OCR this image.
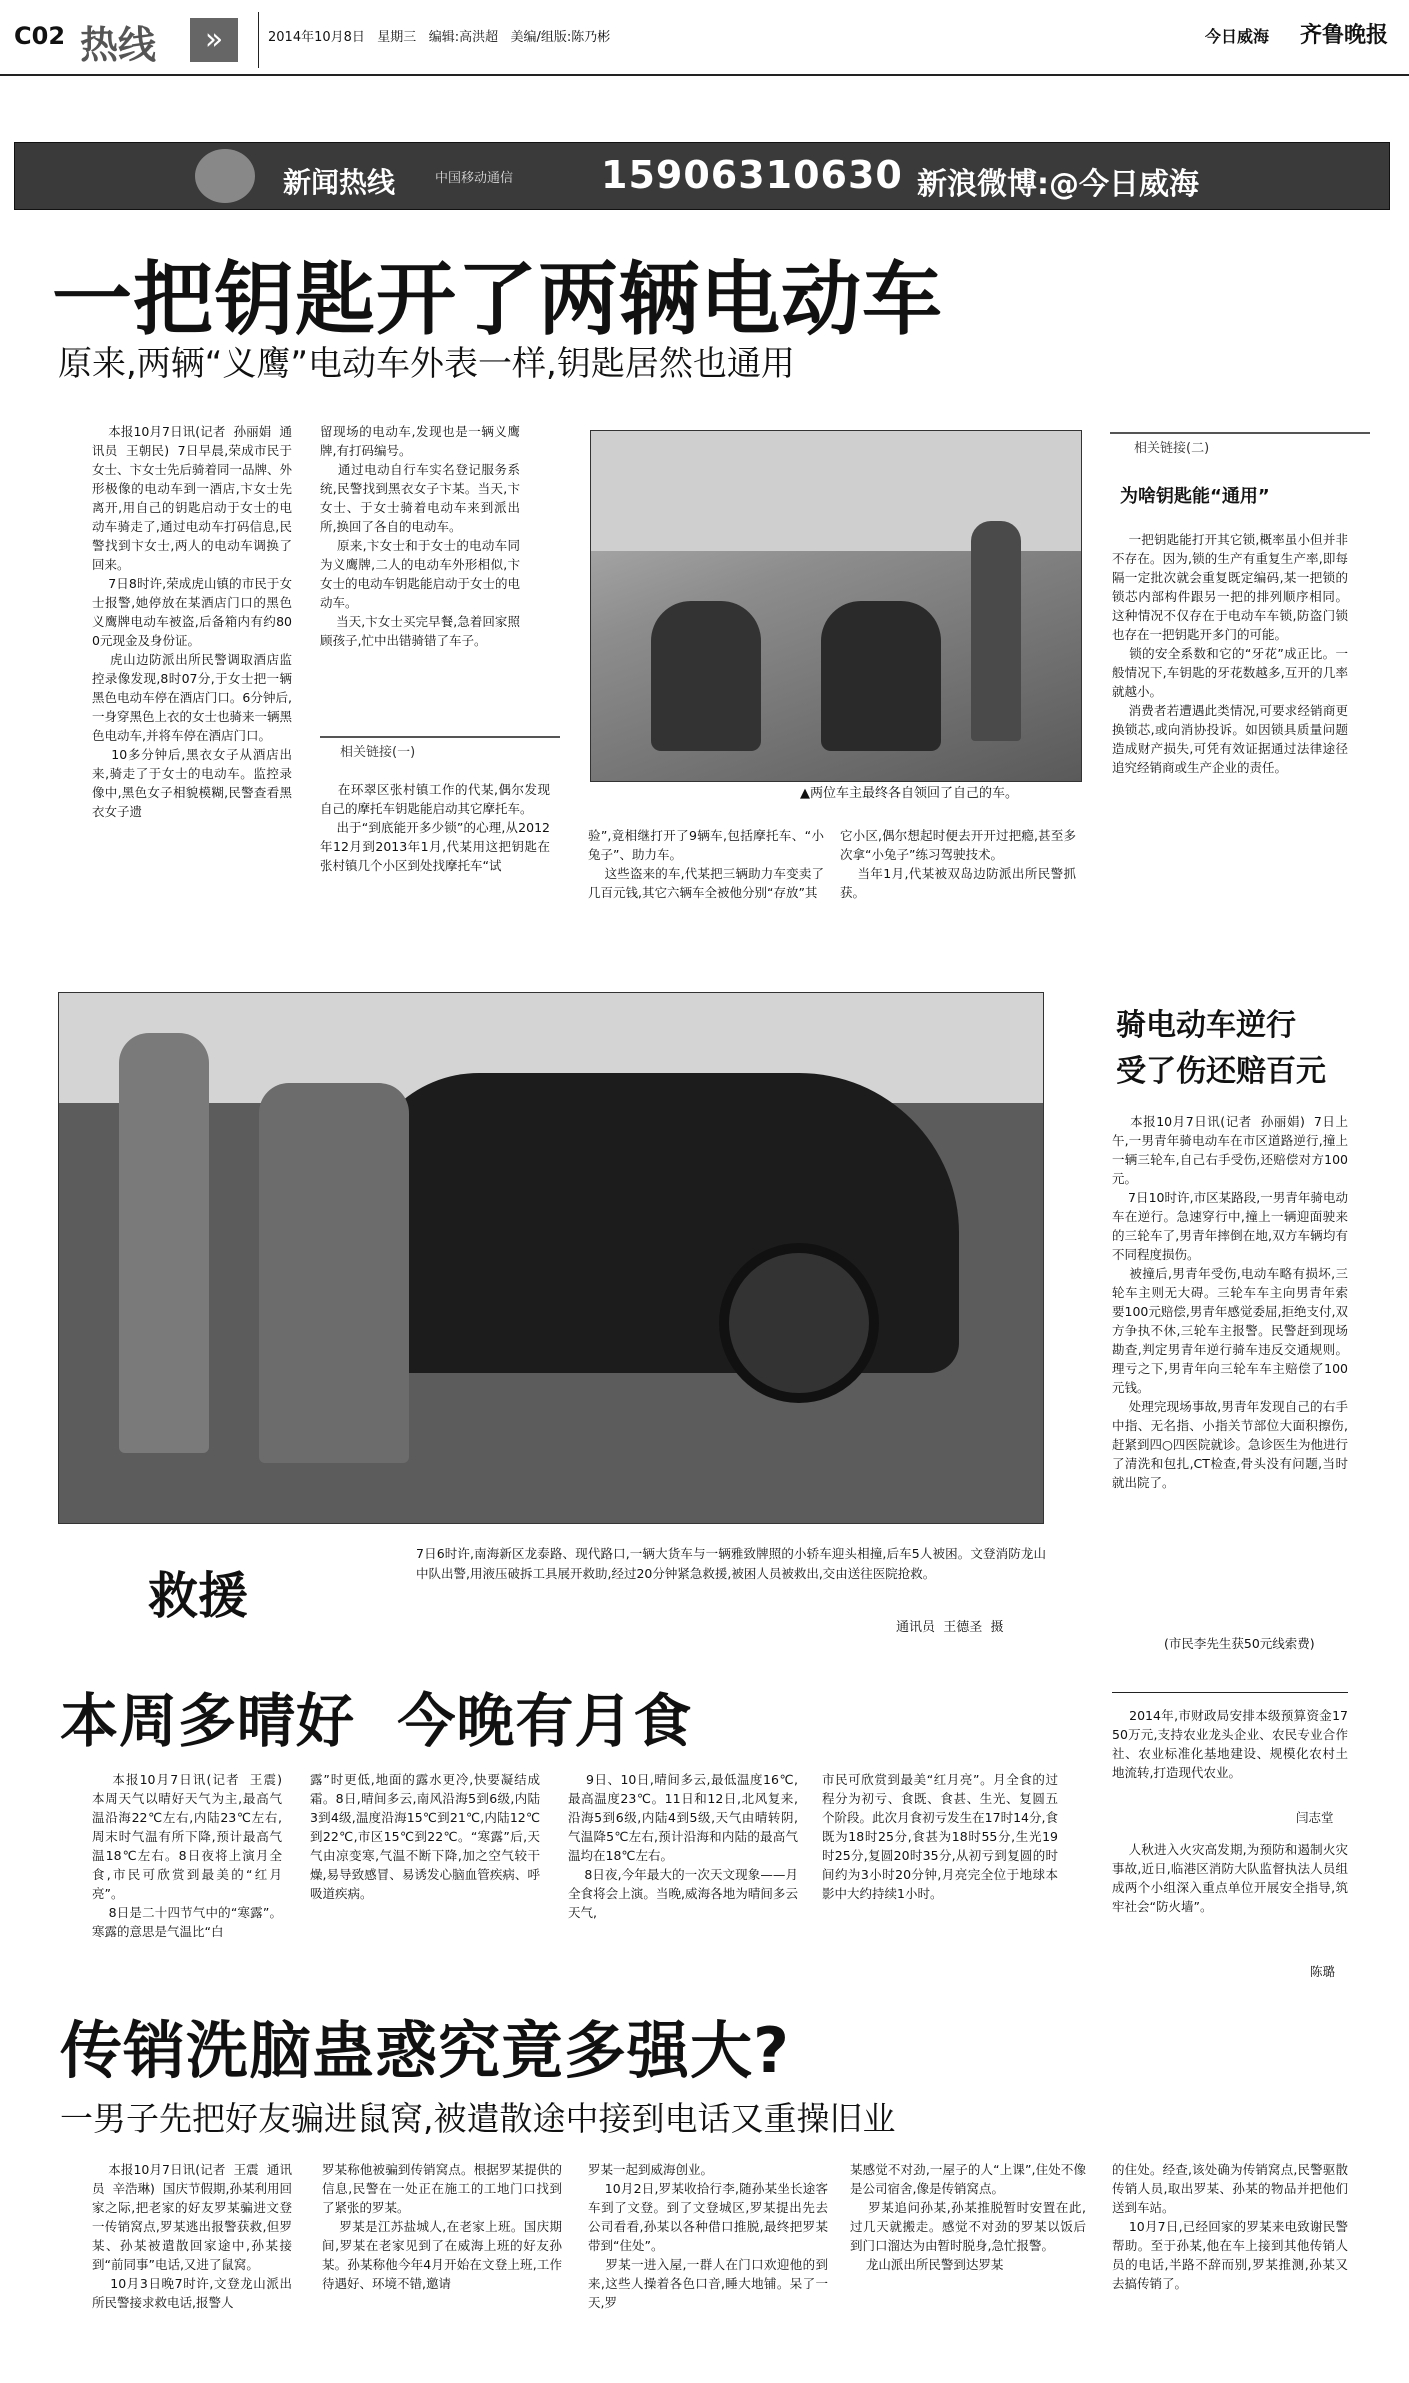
C02 热线	»	2014年10月8日   星期三   编辑:高洪超   美编/组版:陈乃彬	今日威海 齐鲁晚报
新闻热线	中国移动通信 15906310630 新浪微博:@今日威海
一把钥匙开了两辆电动车
原来,两辆“义鹰”电动车外表一样,钥匙居然也通用
本报10月7日讯(记者  孙丽娟  通讯员  王朝民)  7日早晨,荣成市民于女士、卞女士先后骑着同一品牌、外形极像的电动车到一酒店,卞女士先离开,用自己的钥匙启动于女士的电动车骑走了,通过电动车打码信息,民警找到卞女士,两人的电动车调换了回来。
7日8时许,荣成虎山镇的市民于女士报警,她停放在某酒店门口的黑色义鹰牌电动车被盗,后备箱内有约800元现金及身份证。
虎山边防派出所民警调取酒店监控录像发现,8时07分,于女士把一辆黑色电动车停在酒店门口。6分钟后,一身穿黑色上衣的女士也骑来一辆黑色电动车,并将车停在酒店门口。
10多分钟后,黑衣女子从酒店出来,骑走了于女士的电动车。监控录像中,黑色女子相貌模糊,民警查看黑衣女子遗
留现场的电动车,发现也是一辆义鹰牌,有打码编号。
通过电动自行车实名登记服务系统,民警找到黑衣女子卞某。当天,卞女士、于女士骑着电动车来到派出所,换回了各自的电动车。
原来,卞女士和于女士的电动车同为义鹰牌,二人的电动车外形相似,卞女士的电动车钥匙能启动于女士的电动车。
当天,卞女士买完早餐,急着回家照顾孩子,忙中出错骑错了车子。
相关链接(一)
在环翠区张村镇工作的代某,偶尔发现自己的摩托车钥匙能启动其它摩托车。
出于“到底能开多少锁”的心理,从2012年12月到2013年1月,代某用这把钥匙在张村镇几个小区到处找摩托车“试
▲两位车主最终各自领回了自己的车。
验”,竟相继打开了9辆车,包括摩托车、“小兔子”、助力车。
这些盗来的车,代某把三辆助力车变卖了几百元钱,其它六辆车全被他分别“存放”其
它小区,偶尔想起时便去开开过把瘾,甚至多次拿“小兔子”练习驾驶技术。
当年1月,代某被双岛边防派出所民警抓获。
相关链接(二)
为啥钥匙能“通用”
一把钥匙能打开其它锁,概率虽小但并非不存在。因为,锁的生产有重复生产率,即每隔一定批次就会重复既定编码,某一把锁的锁芯内部构件跟另一把的排列顺序相同。这种情况不仅存在于电动车车锁,防盗门锁也存在一把钥匙开多门的可能。
锁的安全系数和它的“牙花”成正比。一般情况下,车钥匙的牙花数越多,互开的几率就越小。
消费者若遭遇此类情况,可要求经销商更换锁芯,或向消协投诉。如因锁具质量问题造成财产损失,可凭有效证据通过法律途径追究经销商或生产企业的责任。
救援
7日6时许,南海新区龙泰路、现代路口,一辆大货车与一辆雅致牌照的小轿车迎头相撞,后车5人被困。文登消防龙山中队出警,用液压破拆工具展开救助,经过20分钟紧急救援,被困人员被救出,交由送往医院抢救。
通讯员  王德圣  摄
骑电动车逆行
受了伤还赔百元
本报10月7日讯(记者  孙丽娟)  7日上午,一男青年骑电动车在市区道路逆行,撞上一辆三轮车,自己右手受伤,还赔偿对方100元。
7日10时许,市区某路段,一男青年骑电动车在逆行。急速穿行中,撞上一辆迎面驶来的三轮车了,男青年摔倒在地,双方车辆均有不同程度损伤。
被撞后,男青年受伤,电动车略有损坏,三轮车主则无大碍。三轮车车主向男青年索要100元赔偿,男青年感觉委屈,拒绝支付,双方争执不休,三轮车主报警。民警赶到现场勘查,判定男青年逆行骑车违反交通规则。理亏之下,男青年向三轮车车主赔偿了100元钱。
处理完现场事故,男青年发现自己的右手中指、无名指、小指关节部位大面积擦伤,赶紧到四○四医院就诊。急诊医生为他进行了清洗和包扎,CT检查,骨头没有问题,当时就出院了。
(市民李先生获50元线索费)
本周多晴好  今晚有月食
本报10月7日讯(记者  王震)  本周天气以晴好天气为主,最高气温沿海22℃左右,内陆23℃左右,周末时气温有所下降,预计最高气温18℃左右。8日夜将上演月全食,市民可欣赏到最美的“红月亮”。
8日是二十四节气中的“寒露”。寒露的意思是气温比“白
露”时更低,地面的露水更冷,快要凝结成霜。8日,晴间多云,南风沿海5到6级,内陆3到4级,温度沿海15℃到21℃,内陆12℃到22℃,市区15℃到22℃。“寒露”后,天气由凉变寒,气温不断下降,加之空气较干燥,易导致感冒、易诱发心脑血管疾病、呼吸道疾病。
9日、10日,晴间多云,最低温度16℃,最高温度23℃。11日和12日,北风复来,沿海5到6级,内陆4到5级,天气由晴转阴,气温降5℃左右,预计沿海和内陆的最高气温均在18℃左右。
8日夜,今年最大的一次天文现象——月全食将会上演。当晚,威海各地为晴间多云天气,
市民可欣赏到最美“红月亮”。月全食的过程分为初亏、食既、食甚、生光、复圆五个阶段。此次月食初亏发生在17时14分,食既为18时25分,食甚为18时55分,生光19时25分,复圆20时35分,从初亏到复圆的时间约为3小时20分钟,月亮完全位于地球本影中大约持续1小时。
2014年,市财政局安排本级预算资金1750万元,支持农业龙头企业、农民专业合作社、农业标准化基地建设、规模化农村土地流转,打造现代农业。
闫志堂
人秋进入火灾高发期,为预防和遏制火灾事故,近日,临港区消防大队监督执法人员组成两个小组深入重点单位开展安全指导,筑牢社会“防火墙”。
陈璐
传销洗脑蛊惑究竟多强大?
一男子先把好友骗进鼠窝,被遣散途中接到电话又重操旧业
本报10月7日讯(记者  王震  通讯员  辛浩琳)  国庆节假期,孙某利用回家之际,把老家的好友罗某骗进文登一传销窝点,罗某逃出报警获救,但罗某、孙某被遣散回家途中,孙某接到“前同事”电话,又进了鼠窝。
10月3日晚7时许,文登龙山派出所民警接求救电话,报警人
罗某称他被骗到传销窝点。根据罗某提供的信息,民警在一处正在施工的工地门口找到了紧张的罗某。
罗某是江苏盐城人,在老家上班。国庆期间,罗某在老家见到了在威海上班的好友孙某。孙某称他今年4月开始在文登上班,工作待遇好、环境不错,邀请
罗某一起到威海创业。
10月2日,罗某收拾行李,随孙某坐长途客车到了文登。到了文登城区,罗某提出先去公司看看,孙某以各种借口推脱,最终把罗某带到“住处”。
罗某一进入屋,一群人在门口欢迎他的到来,这些人操着各色口音,睡大地铺。呆了一天,罗
某感觉不对劲,一屋子的人“上课”,住处不像是公司宿舍,像是传销窝点。
罗某追问孙某,孙某推脱暂时安置在此,过几天就搬走。感觉不对劲的罗某以饭后到门口溜达为由暂时脱身,急忙报警。
龙山派出所民警到达罗某
的住处。经查,该处确为传销窝点,民警驱散传销人员,取出罗某、孙某的物品并把他们送到车站。
10月7日,已经回家的罗某来电致谢民警帮助。至于孙某,他在车上接到其他传销人员的电话,半路不辞而别,罗某推测,孙某又去搞传销了。
